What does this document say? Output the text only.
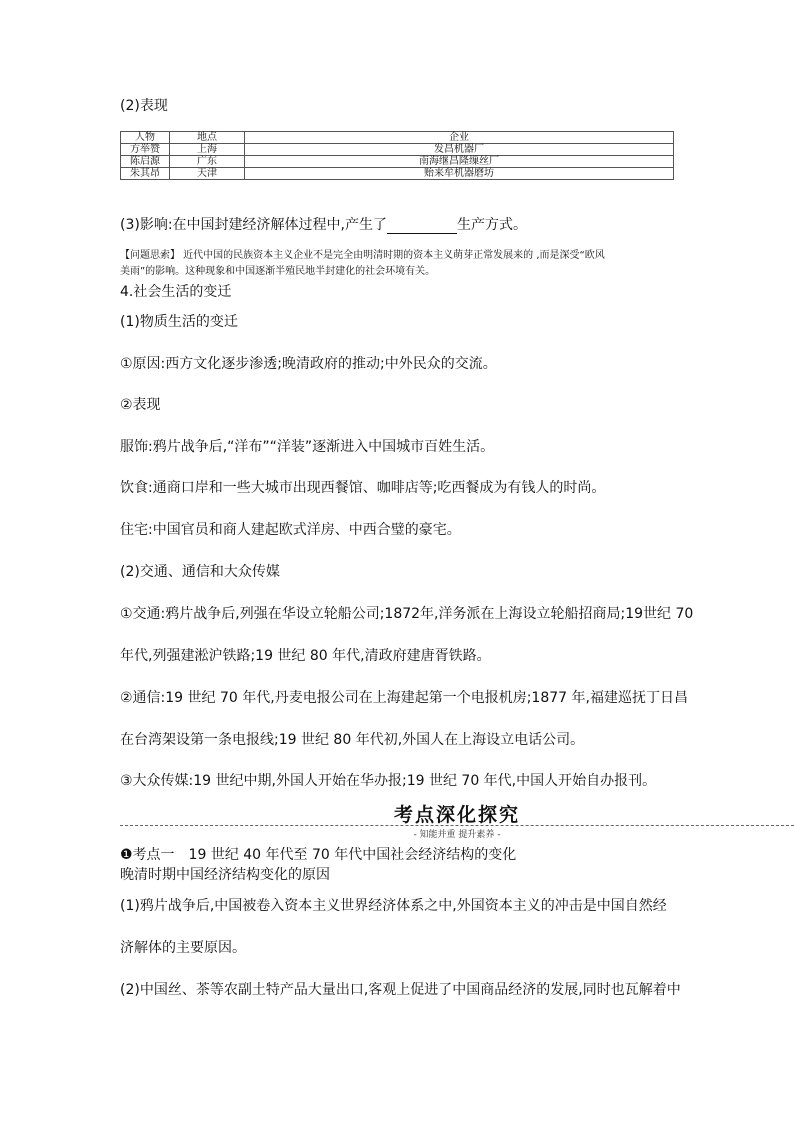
(2)表现
人物	地点	企业
方举赞	上海	发昌机器厂
陈启源	广东	南海继昌隆缫丝厂
朱其昂	天津	贻来牟机器磨坊
(3)影响:在中国封建经济解体过程中,产生了	生产方式。
【问题思索】 近代中国的民族资本主义企业不是完全由明清时期的资本主义萌芽正常发展来的 ,而是深受“欧风
美雨”的影响。这种现象和中国逐渐半殖民地半封建化的社会环境有关。
4.社会生活的变迁
(1)物质生活的变迁
①原因:西方文化逐步渗透;晚清政府的推动;中外民众的交流。
②表现
服饰:鸦片战争后,“洋布”“洋装”逐渐进入中国城市百姓生活。
饮食:通商口岸和一些大城市出现西餐馆、咖啡店等;吃西餐成为有钱人的时尚。
住宅:中国官员和商人建起欧式洋房、中西合璧的豪宅。
(2)交通、通信和大众传媒
①交通:鸦片战争后,列强在华设立轮船公司;1872年,洋务派在上海设立轮船招商局;19世纪 70
年代,列强建淞沪铁路;19 世纪 80 年代,清政府建唐胥铁路。
②通信:19 世纪 70 年代,丹麦电报公司在上海建起第一个电报机房;1877 年,福建巡抚丁日昌
在台湾架设第一条电报线;19 世纪 80 年代初,外国人在上海设立电话公司。
③大众传媒:19 世纪中期,外国人开始在华办报;19 世纪 70 年代,中国人开始自办报刊。
考点深化探究
- 知能并重 提升素养 -
❶考点一　19 世纪 40 年代至 70 年代中国社会经济结构的变化
晚清时期中国经济结构变化的原因
(1)鸦片战争后,中国被卷入资本主义世界经济体系之中,外国资本主义的冲击是中国自然经
济解体的主要原因。
(2)中国丝、茶等农副土特产品大量出口,客观上促进了中国商品经济的发展,同时也瓦解着中
